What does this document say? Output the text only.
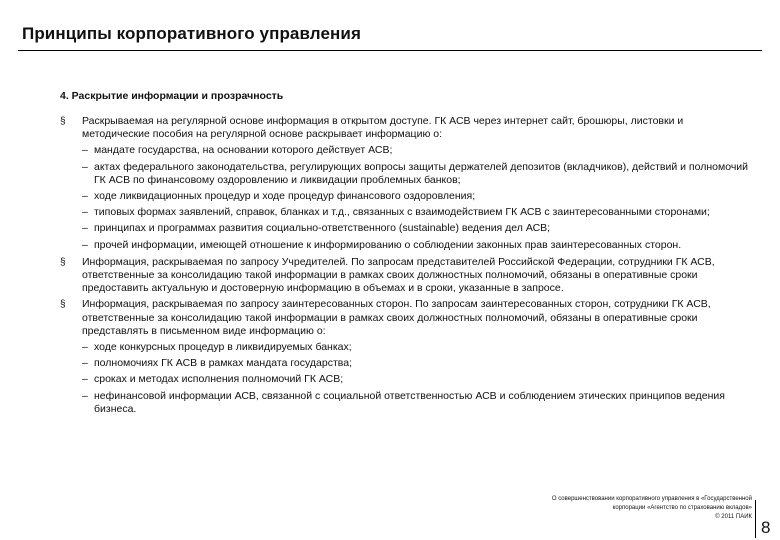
Принципы корпоративного управления
4. Раскрытие информации и прозрачность
§ Раскрываемая на регулярной основе информация в открытом доступе. ГК АСВ через интернет сайт, брошюры, листовки и методические пособия на регулярной основе раскрывает информацию о:
– мандате государства, на основании которого действует АСВ;
– актах федерального законодательства, регулирующих вопросы защиты держателей депозитов (вкладчиков), действий и полномочий ГК АСВ по финансовому оздоровлению и ликвидации проблемных банков;
– ходе ликвидационных процедур и ходе процедур финансового оздоровления;
– типовых формах заявлений, справок, бланках и т.д., связанных с взаимодействием ГК АСВ с заинтересованными сторонами;
– принципах и программах развития социально-ответственного (sustainable) ведения дел АСВ;
– прочей информации, имеющей отношение к информированию о соблюдении законных прав заинтересованных сторон.
§ Информация, раскрываемая по запросу Учредителей. По запросам представителей Российской Федерации, сотрудники ГК АСВ, ответственные за консолидацию такой информации в рамках своих должностных полномочий, обязаны в оперативные сроки предоставить актуальную и достоверную информацию в объемах и в сроки, указанные в запросе.
§ Информация, раскрываемая по запросу заинтересованных сторон. По запросам заинтересованных сторон, сотрудники ГК АСВ, ответственные за консолидацию такой информации в рамках своих должностных полномочий, обязаны в оперативные сроки представлять в письменном виде информацию о:
– ходе конкурсных процедур в ликвидируемых банках;
– полномочиях ГК АСВ в рамках мандата государства;
– сроках и методах исполнения полномочий ГК АСВ;
– нефинансовой информации АСВ, связанной с социальной ответственностью АСВ и соблюдением этических принципов ведения бизнеса.
О совершенствовании корпоративного управления в «Государственной
корпорации «Агентство по страхованию вкладов»
© 2011 ПАИК
8
